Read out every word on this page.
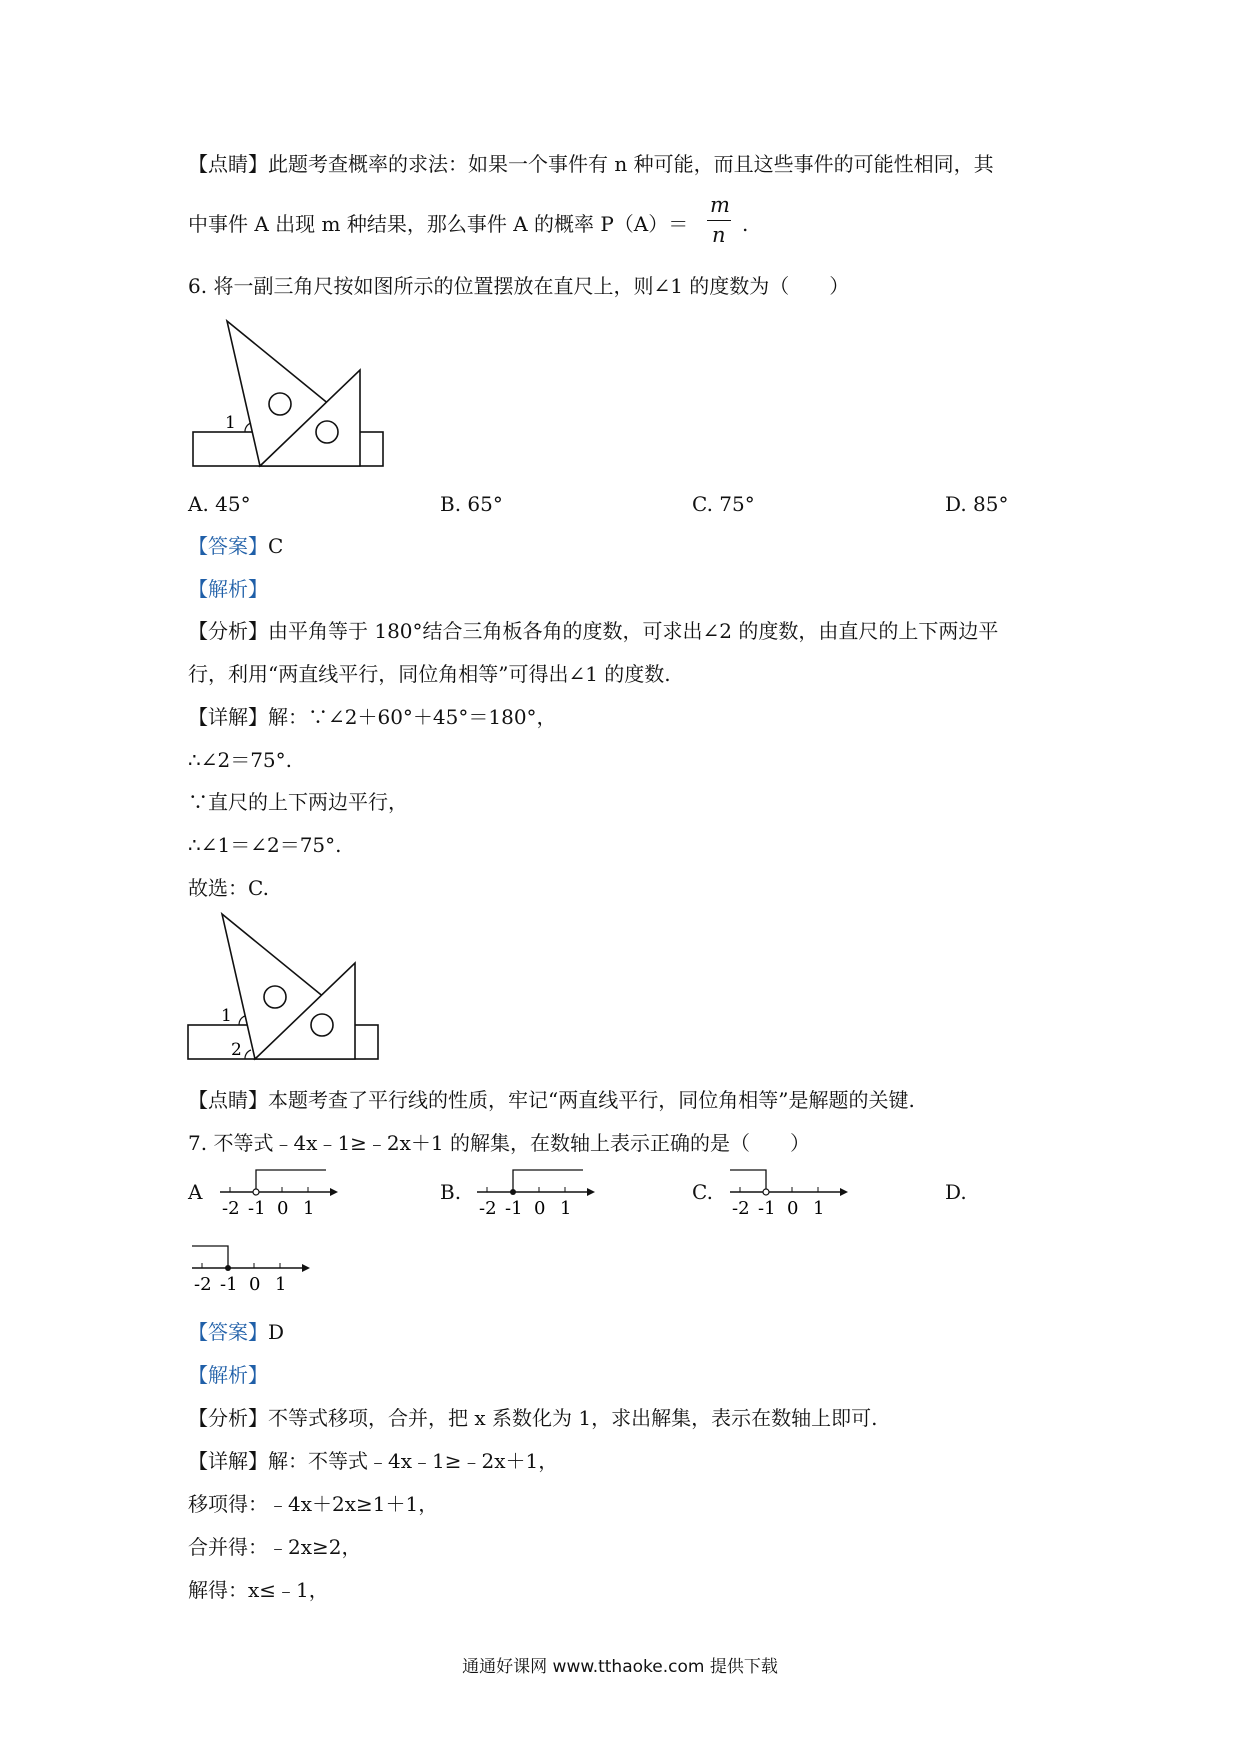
【点睛】此题考查概率的求法：如果一个事件有 n 种可能，而且这些事件的可能性相同，其
中事件 A 出现 m 种结果，那么事件 A 的概率 P（A）＝
m
n .
6. 将一副三角尺按如图所示的位置摆放在直尺上，则∠1 的度数为（　　）
1
A. 45°	B. 65°	C. 75°	D. 85°
【答案】C
【解析】
【分析】由平角等于 180°结合三角板各角的度数，可求出∠2 的度数，由直尺的上下两边平
行，利用“两直线平行，同位角相等”可得出∠1 的度数.
【详解】解：∵∠2＋60°＋45°＝180°，
∴∠2＝75°.
∵直尺的上下两边平行，
∴∠1＝∠2＝75°.
故选：C.
1
2
【点睛】本题考查了平行线的性质，牢记“两直线平行，同位角相等”是解题的关键.
7. 不等式﹣4x﹣1≥﹣2x＋1 的解集，在数轴上表示正确的是（　　）
A	B.	C.	D.
-2 -1 0 1	-2 -1 0 1	-2 -1 0 1
-2 -1 0 1
【答案】D
【解析】
【分析】不等式移项，合并，把 x 系数化为 1，求出解集，表示在数轴上即可.
【详解】解：不等式﹣4x﹣1≥﹣2x＋1，
移项得：﹣4x＋2x≥1＋1，
合并得：﹣2x≥2，
解得：x≤﹣1，
通通好课网 www.tthaoke.com 提供下载
